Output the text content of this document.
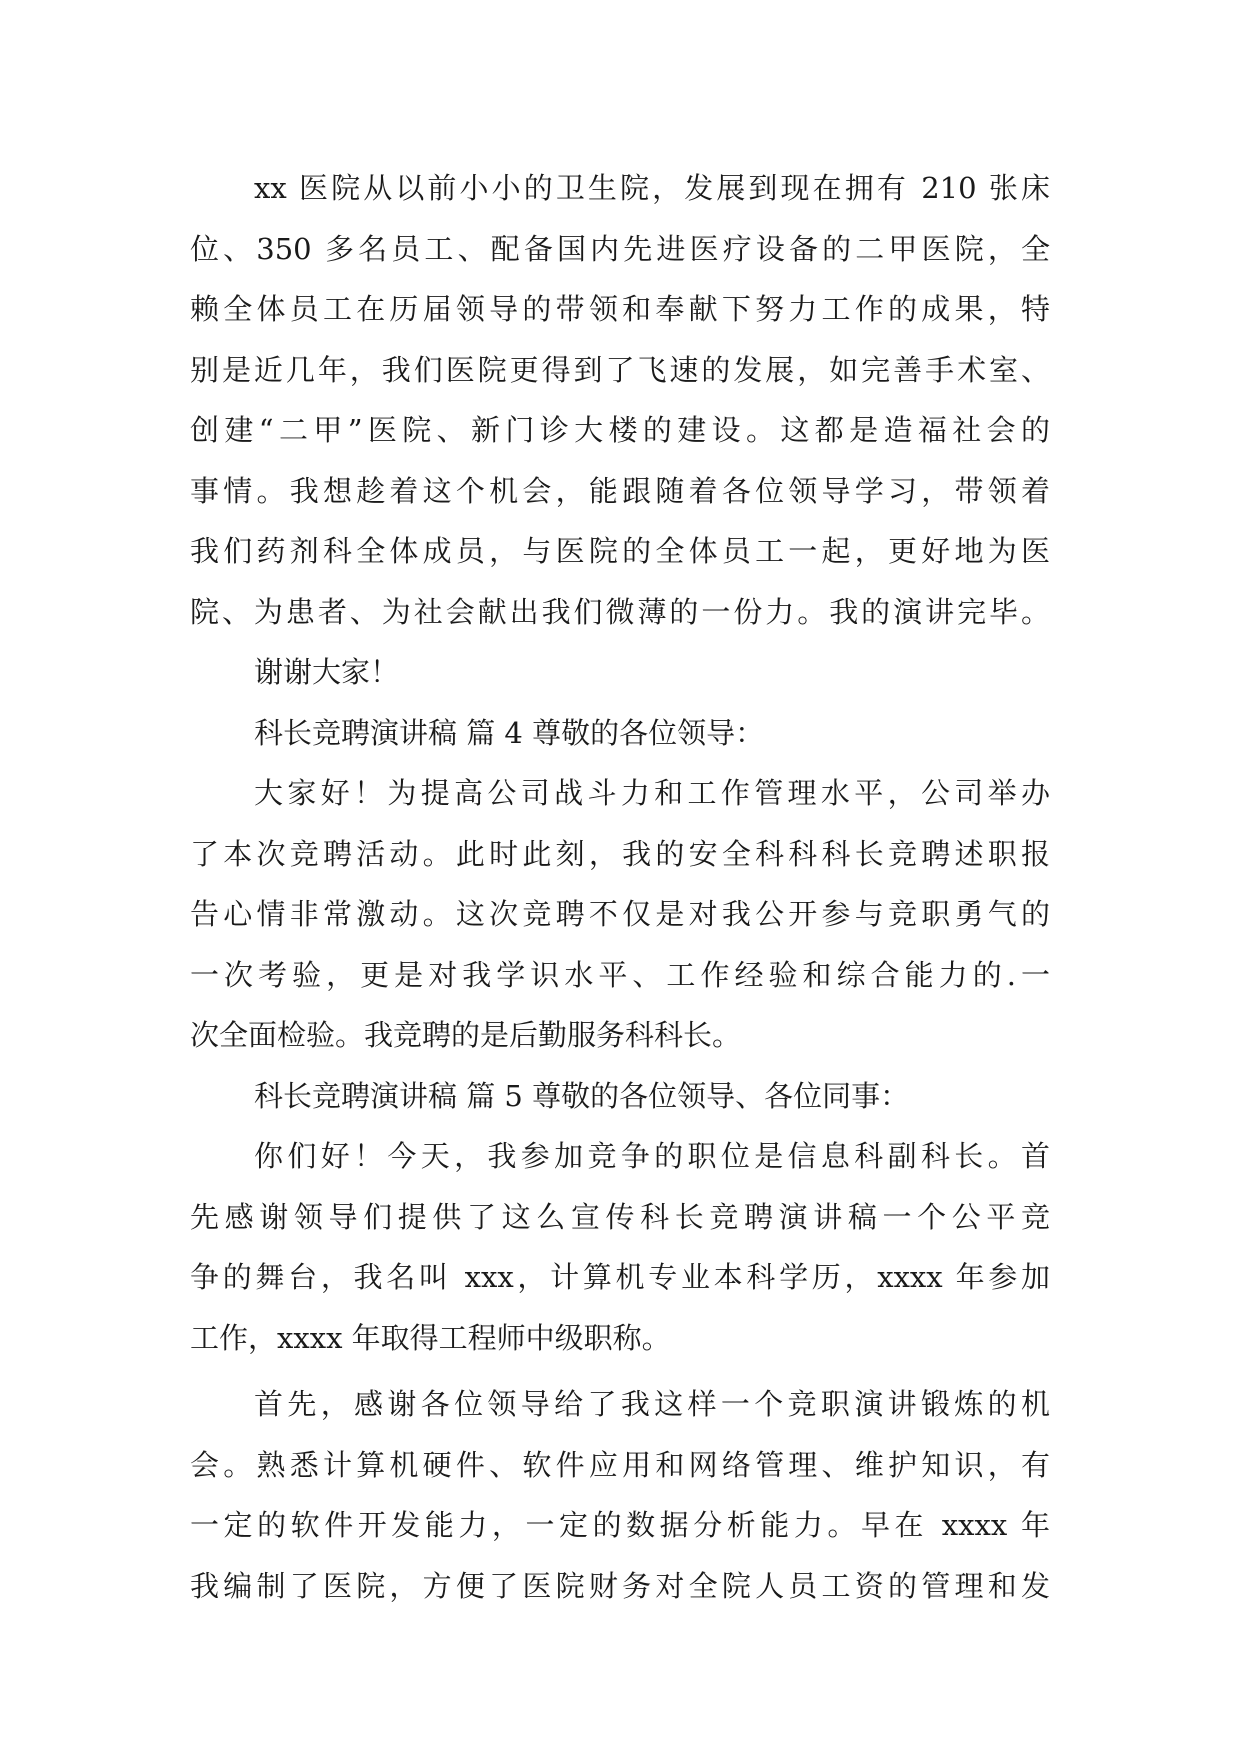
xx 医院从以前小小的卫生院，发展到现在拥有 210 张床
位、350 多名员工、配备国内先进医疗设备的二甲医院，全
赖全体员工在历届领导的带领和奉献下努力工作的成果，特
别是近几年，我们医院更得到了飞速的发展，如完善手术室、
创建“二甲”医院、新门诊大楼的建设。这都是造福社会的
事情。我想趁着这个机会，能跟随着各位领导学习，带领着
我们药剂科全体成员，与医院的全体员工一起，更好地为医
院、为患者、为社会献出我们微薄的一份力。我的演讲完毕。
谢谢大家！
科长竞聘演讲稿 篇 4 尊敬的各位领导：
大家好！为提高公司战斗力和工作管理水平，公司举办
了本次竞聘活动。此时此刻，我的安全科科科长竞聘述职报
告心情非常激动。这次竞聘不仅是对我公开参与竞职勇气的
一次考验，更是对我学识水平、工作经验和综合能力的.一
次全面检验。我竞聘的是后勤服务科科长。
科长竞聘演讲稿 篇 5 尊敬的各位领导、各位同事：
你们好！今天，我参加竞争的职位是信息科副科长。首
先感谢领导们提供了这么宣传科长竞聘演讲稿一个公平竞
争的舞台，我名叫 xxx，计算机专业本科学历，xxxx 年参加
工作，xxxx 年取得工程师中级职称。
首先，感谢各位领导给了我这样一个竞职演讲锻炼的机
会。熟悉计算机硬件、软件应用和网络管理、维护知识，有
一定的软件开发能力，一定的数据分析能力。早在 xxxx 年
我编制了医院，方便了医院财务对全院人员工资的管理和发
